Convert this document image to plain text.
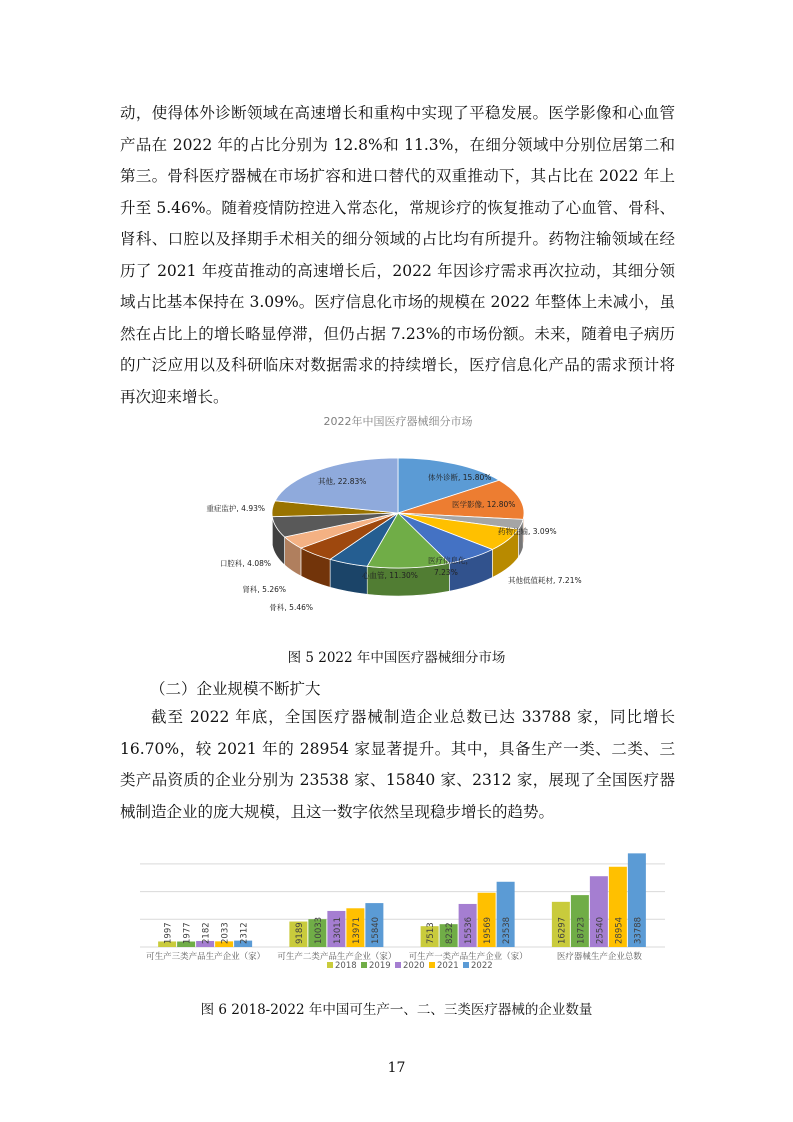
动，使得体外诊断领域在高速增长和重构中实现了平稳发展。医学影像和心血管产品在 2022 年的占比分别为 12.8%和 11.3%，在细分领域中分别位居第二和第三。骨科医疗器械在市场扩容和进口替代的双重推动下，其占比在 2022 年上升至 5.46%。随着疫情防控进入常态化，常规诊疗的恢复推动了心血管、骨科、肾科、口腔以及择期手术相关的细分领域的占比均有所提升。药物注输领域在经历了 2021 年疫苗推动的高速增长后，2022 年因诊疗需求再次拉动，其细分领域占比基本保持在 3.09%。医疗信息化市场的规模在 2022 年整体上未减小，虽然在占比上的增长略显停滞，但仍占据 7.23%的市场份额。未来，随着电子病历的广泛应用以及科研临床对数据需求的持续增长，医疗信息化产品的需求预计将再次迎来增长。

2022年中国医疗器械细分市场
体外诊断, 15.80%
医学影像, 12.80%
药物注输, 3.09%
其他低值耗材, 7.21%
医疗信息化，
7.23%
心血管, 11.30%
骨科, 5.46%
肾科, 5.26%
口腔科, 4.08%
重症监护, 4.93%
其他, 22.83%
图 5 2022 年中国医疗器械细分市场
（二）企业规模不断扩大

截至 2022 年底，全国医疗器械制造企业总数已达 33788 家，同比增长 16.70%，较 2021 年的 28954 家显著提升。其中，具备生产一类、二类、三类产品资质的企业分别为 23538 家、15840 家、2312 家，展现了全国医疗器械制造企业的庞大规模，且这一数字依然呈现稳步增长的趋势。

1997 1977 2182 2033 2312
可生产三类产品生产企业（家）
9189 10033 13011 13971 15840
可生产二类产品生产企业（家）
7513 8232 15536 19569 23538
可生产一类产品生产企业（家）
16297 18723 25540 28954 33788
医疗器械生产企业总数
2018 2019 2020 2021 2022
图 6 2018-2022 年中国可生产一、二、三类医疗器械的企业数量
17
